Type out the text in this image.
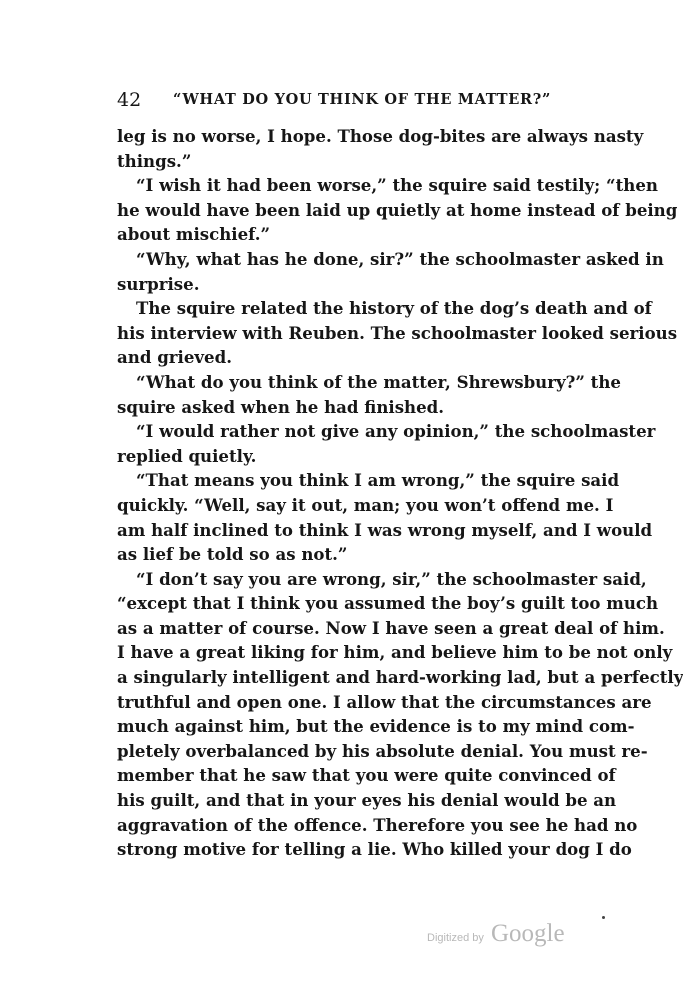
42 “WHAT DO YOU THINK OF THE MATTER?”
leg is no worse, I hope. Those dog-bites are always nasty
things.”
“I wish it had been worse,” the squire said testily; “then
he would have been laid up quietly at home instead of being
about mischief.”
“Why, what has he done, sir?” the schoolmaster asked in
surprise.
The squire related the history of the dog’s death and of
his interview with Reuben. The schoolmaster looked serious
and grieved.
“What do you think of the matter, Shrewsbury?” the
squire asked when he had finished.
“I would rather not give any opinion,” the schoolmaster
replied quietly.
“That means you think I am wrong,” the squire said
quickly. “Well, say it out, man; you won’t offend me. I
am half inclined to think I was wrong myself, and I would
as lief be told so as not.”
“I don’t say you are wrong, sir,” the schoolmaster said,
“except that I think you assumed the boy’s guilt too much
as a matter of course. Now I have seen a great deal of him.
I have a great liking for him, and believe him to be not only
a singularly intelligent and hard-working lad, but a perfectly
truthful and open one. I allow that the circumstances are
much against him, but the evidence is to my mind com-
pletely overbalanced by his absolute denial. You must re-
member that he saw that you were quite convinced of
his guilt, and that in your eyes his denial would be an
aggravation of the offence. Therefore you see he had no
strong motive for telling a lie. Who killed your dog I do
Digitized by Google
